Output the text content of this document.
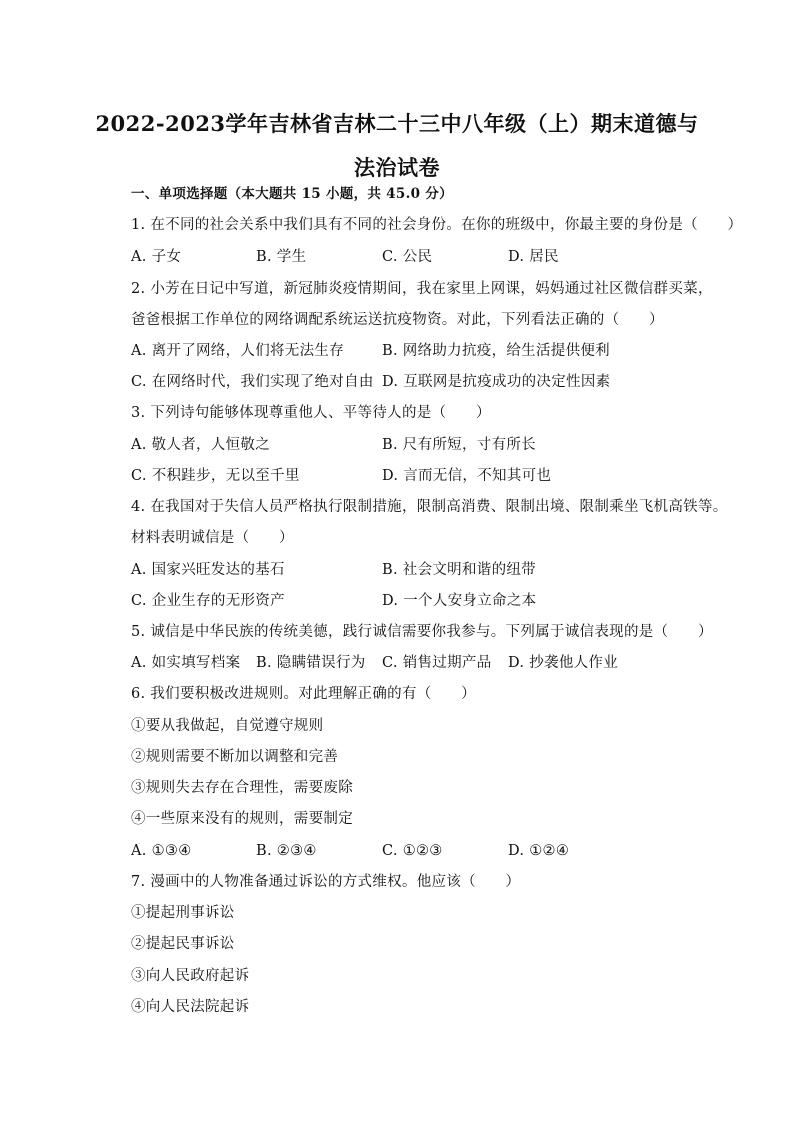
2022-2023学年吉林省吉林二十三中八年级（上）期末道德与法治试卷
一、单项选择题（本大题共 15 小题，共 45.0 分）
1. 在不同的社会关系中我们具有不同的社会身份。在你的班级中，你最主要的身份是（　　）
A. 子女	B. 学生	C. 公民	D. 居民
2. 小芳在日记中写道，新冠肺炎疫情期间，我在家里上网课，妈妈通过社区微信群买菜，
爸爸根据工作单位的网络调配系统运送抗疫物资。对此，下列看法正确的（　　）
A. 离开了网络，人们将无法生存	B. 网络助力抗疫，给生活提供便利
C. 在网络时代，我们实现了绝对自由 D. 互联网是抗疫成功的决定性因素
3. 下列诗句能够体现尊重他人、平等待人的是（　　）
A. 敬人者，人恒敬之	B. 尺有所短，寸有所长
C. 不积跬步，无以至千里	D. 言而无信，不知其可也
4. 在我国对于失信人员严格执行限制措施，限制高消费、限制出境、限制乘坐飞机高铁等。
材料表明诚信是（　　）
A. 国家兴旺发达的基石	B. 社会文明和谐的纽带
C. 企业生存的无形资产	D. 一个人安身立命之本
5. 诚信是中华民族的传统美德，践行诚信需要你我参与。下列属于诚信表现的是（　　）
A. 如实填写档案 B. 隐瞒错误行为 C. 销售过期产品 D. 抄袭他人作业
6. 我们要积极改进规则。对此理解正确的有（　　）
①要从我做起，自觉遵守规则
②规则需要不断加以调整和完善
③规则失去存在合理性，需要废除
④一些原来没有的规则，需要制定
A. ①③④	B. ②③④	C. ①②③	D. ①②④
7. 漫画中的人物准备通过诉讼的方式维权。他应该（　　）
①提起刑事诉讼
②提起民事诉讼
③向人民政府起诉
④向人民法院起诉
